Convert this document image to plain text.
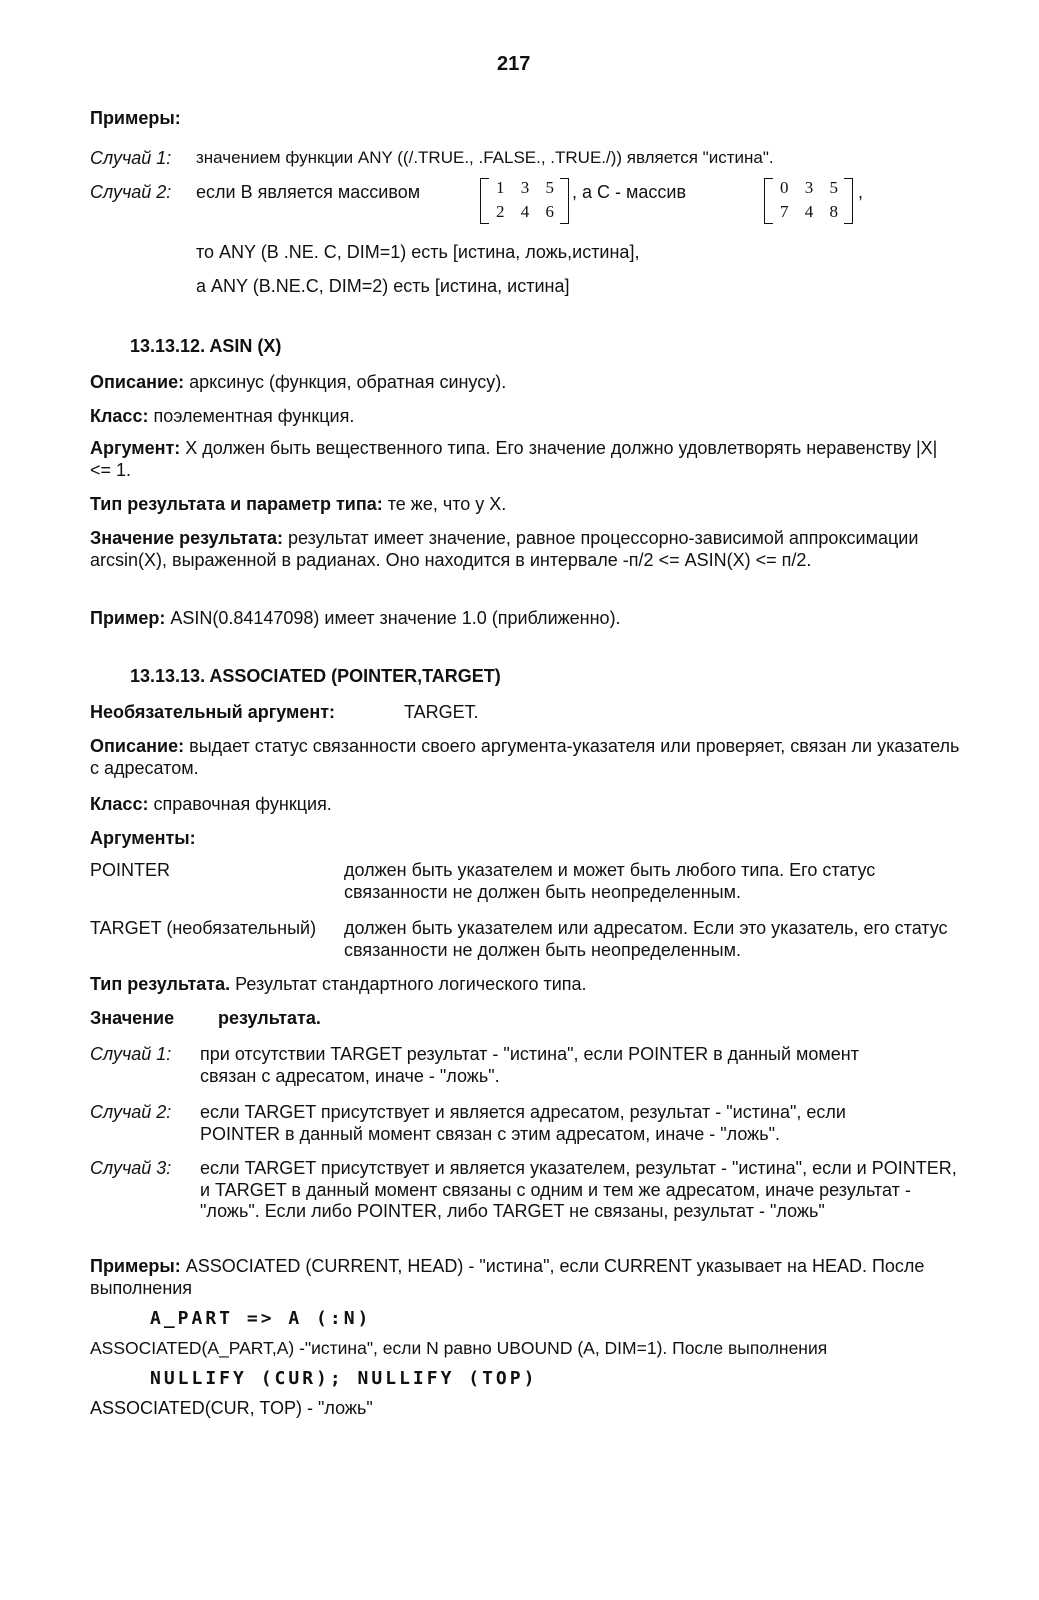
217
Примеры:
Случай 1: значением функции ANY ((/.TRUE., .FALSE., .TRUE./)) является "истина".
Случай 2: если B является массивом	1 3 5
2 4 6
, а C - массив	0 3 5
7 4 8
,
то ANY (B .NE. C, DIM=1) есть [истина, ложь,истина],
а ANY (B.NE.C, DIM=2) есть [истина, истина]
13.13.12. ASIN (X)
Описание: арксинус (функция, обратная синусу).
Класс: поэлементная функция.
Аргумент: X должен быть вещественного типа. Его значение должно удовлетворять неравенству |X| <= 1.
Тип результата и параметр типа: те же, что у X.
Значение результата: результат имеет значение, равное процессорно-зависимой аппроксимации arcsin(X), выраженной в радианах. Оно находится в интервале -п/2 <= ASIN(X) <= п/2.
Пример: ASIN(0.84147098) имеет значение 1.0 (приближенно).
13.13.13. ASSOCIATED (POINTER,TARGET)
Необязательный аргумент:	TARGET.
Описание: выдает статус связанности своего аргумента-указателя или проверяет, связан ли указатель с адресатом.
Класс: справочная функция.
Аргументы:
POINTER	должен быть указателем и может быть любого типа. Его статус связанности не должен быть неопределенным.
TARGET (необязательный) должен быть указателем или адресатом. Если это указатель, его статус связанности не должен быть неопределенным.
Тип результата. Результат стандартного логического типа.
Значение результата.
Случай 1: при отсутствии TARGET результат - "истина", если POINTER в данный момент связан с адресатом, иначе - "ложь".
Случай 2: если TARGET присутствует и является адресатом, результат - "истина", если POINTER в данный момент связан с этим адресатом, иначе - "ложь".
Случай 3: если TARGET присутствует и является указателем, результат - "истина", если и POINTER, и TARGET в данный момент связаны с одним и тем же адресатом, иначе результат - "ложь". Если либо POINTER, либо TARGET не связаны, результат - "ложь"
Примеры: ASSOCIATED (CURRENT, HEAD) - "истина", если CURRENT указывает на HEAD. После выполнения
A_PART => A (:N)
ASSOCIATED(A_PART,A) -"истина", если N равно UBOUND (A, DIM=1). После выполнения
NULLIFY (CUR); NULLIFY (TOP)
ASSOCIATED(CUR, TOP) - "ложь"
